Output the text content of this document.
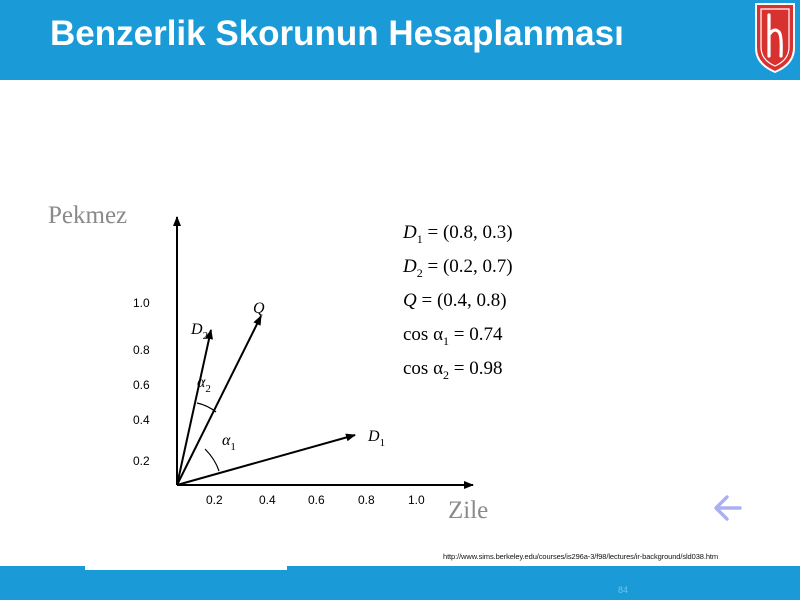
Benzerlik Skorunun Hesaplanması
Pekmez
Zile
1.0
0.8
0.6
0.4
0.2
0.2	0.4	0.6	0.8	1.0
$D_2$
Q
$D_1$
$\alpha_2$
$\alpha_1$
$D_1 = (0.8$, 0.3)
$D_2 = (0.2$, 0.7)
Q = (0.4, 0.8)
$\cos \alpha_1 = 0.74$
$\cos \alpha_2 = 0.98$
http://www.sims.berkeley.edu/courses/is296a-3/f98/lectures/ir-background/sld038.htm
84
